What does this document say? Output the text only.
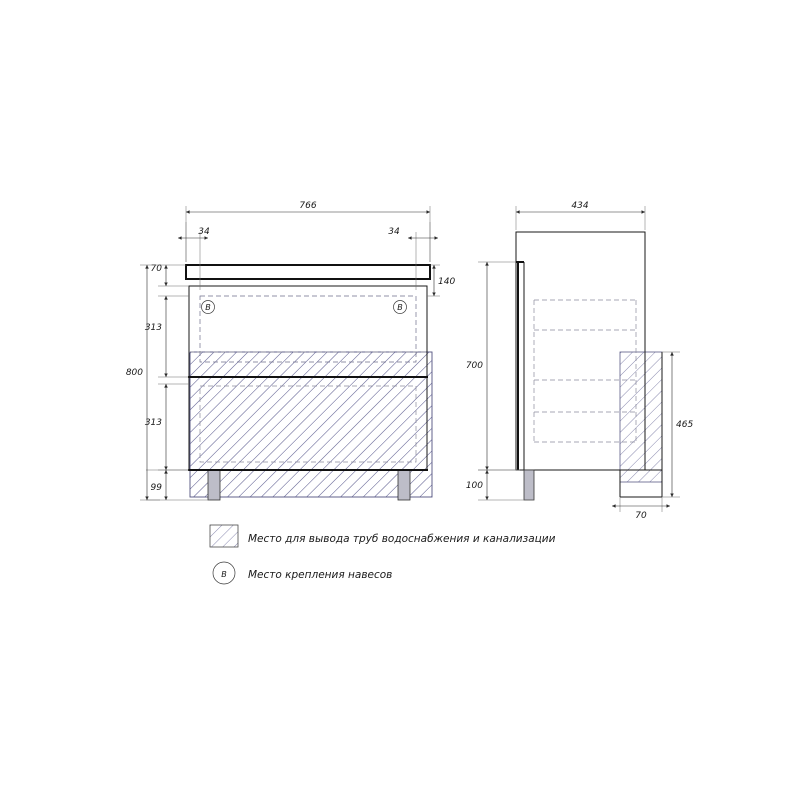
B	B
766
34	34
70
140
313
313
99
800
434
700
100
465
70
Место для вывода труб водоснабжения и канализации
B Место крепления навесов
